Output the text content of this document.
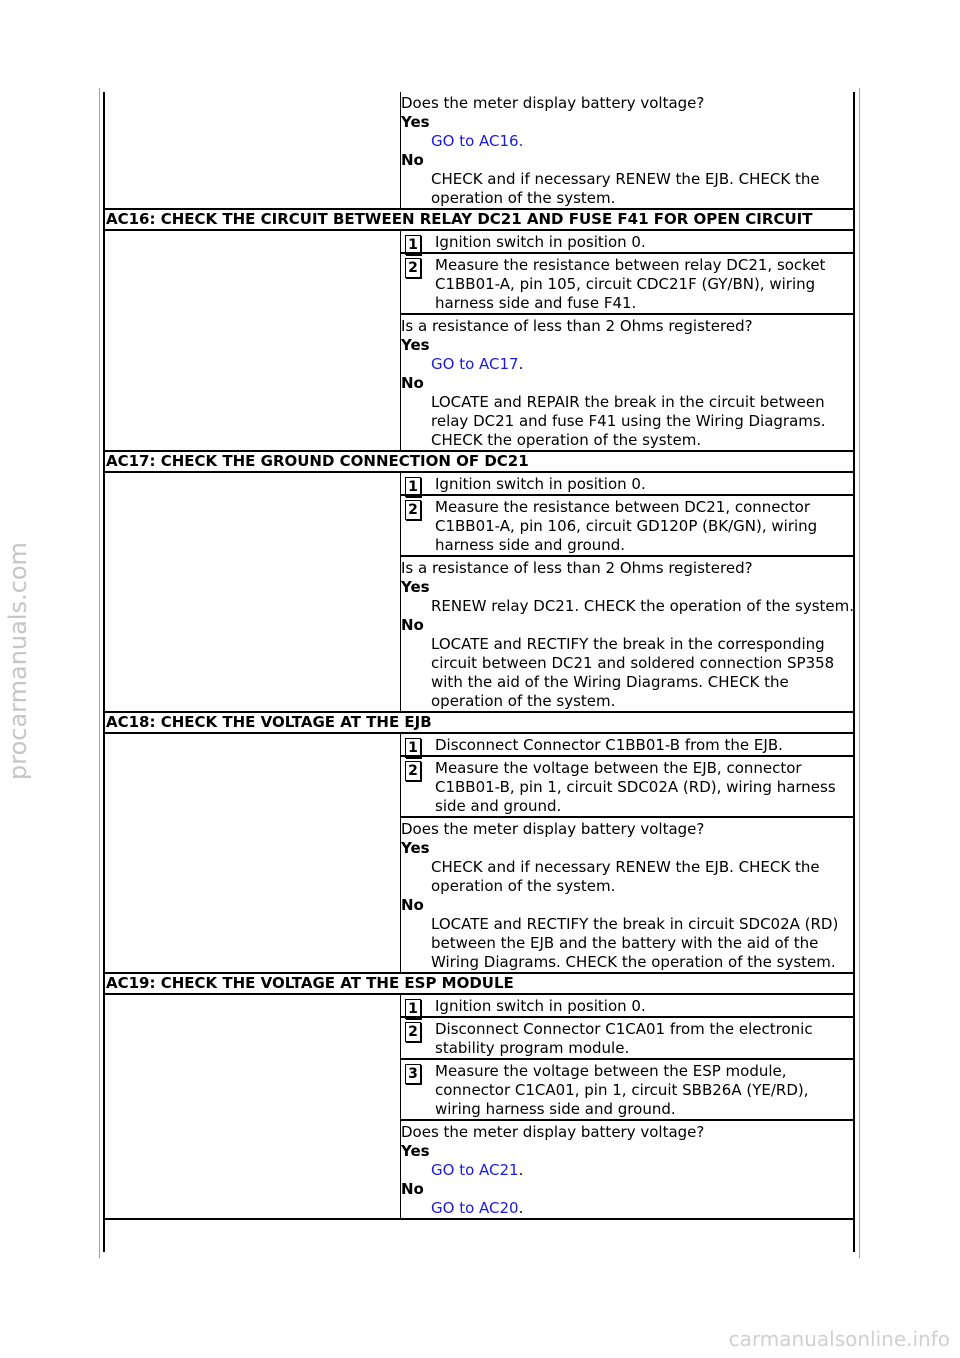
procarmanuals.com
carmanualsonline.info
Does the meter display battery voltage?
Yes
GO to AC16.
No
CHECK and if necessary RENEW the EJB. CHECK the operation of the system.
AC16: CHECK THE CIRCUIT BETWEEN RELAY DC21 AND FUSE F41 FOR OPEN CIRCUIT
1 Ignition switch in position 0.
2 Measure the resistance between relay DC21, socket C1BB01-A, pin 105, circuit CDC21F (GY/BN), wiring harness side and fuse F41.
Is a resistance of less than 2 Ohms registered?
Yes
GO to AC17.
No
LOCATE and REPAIR the break in the circuit between relay DC21 and fuse F41 using the Wiring Diagrams. CHECK the operation of the system.
AC17: CHECK THE GROUND CONNECTION OF DC21
1 Ignition switch in position 0.
2 Measure the resistance between DC21, connector C1BB01-A, pin 106, circuit GD120P (BK/GN), wiring harness side and ground.
Is a resistance of less than 2 Ohms registered?
Yes
RENEW relay DC21. CHECK the operation of the system.
No
LOCATE and RECTIFY the break in the corresponding circuit between DC21 and soldered connection SP358 with the aid of the Wiring Diagrams. CHECK the operation of the system.
AC18: CHECK THE VOLTAGE AT THE EJB
1 Disconnect Connector C1BB01-B from the EJB.
2 Measure the voltage between the EJB, connector C1BB01-B, pin 1, circuit SDC02A (RD), wiring harness side and ground.
Does the meter display battery voltage?
Yes
CHECK and if necessary RENEW the EJB. CHECK the operation of the system.
No
LOCATE and RECTIFY the break in circuit SDC02A (RD) between the EJB and the battery with the aid of the Wiring Diagrams. CHECK the operation of the system.
AC19: CHECK THE VOLTAGE AT THE ESP MODULE
1 Ignition switch in position 0.
2 Disconnect Connector C1CA01 from the electronic stability program module.
3 Measure the voltage between the ESP module, connector C1CA01, pin 1, circuit SBB26A (YE/RD), wiring harness side and ground.
Does the meter display battery voltage?
Yes
GO to AC21.
No
GO to AC20.
